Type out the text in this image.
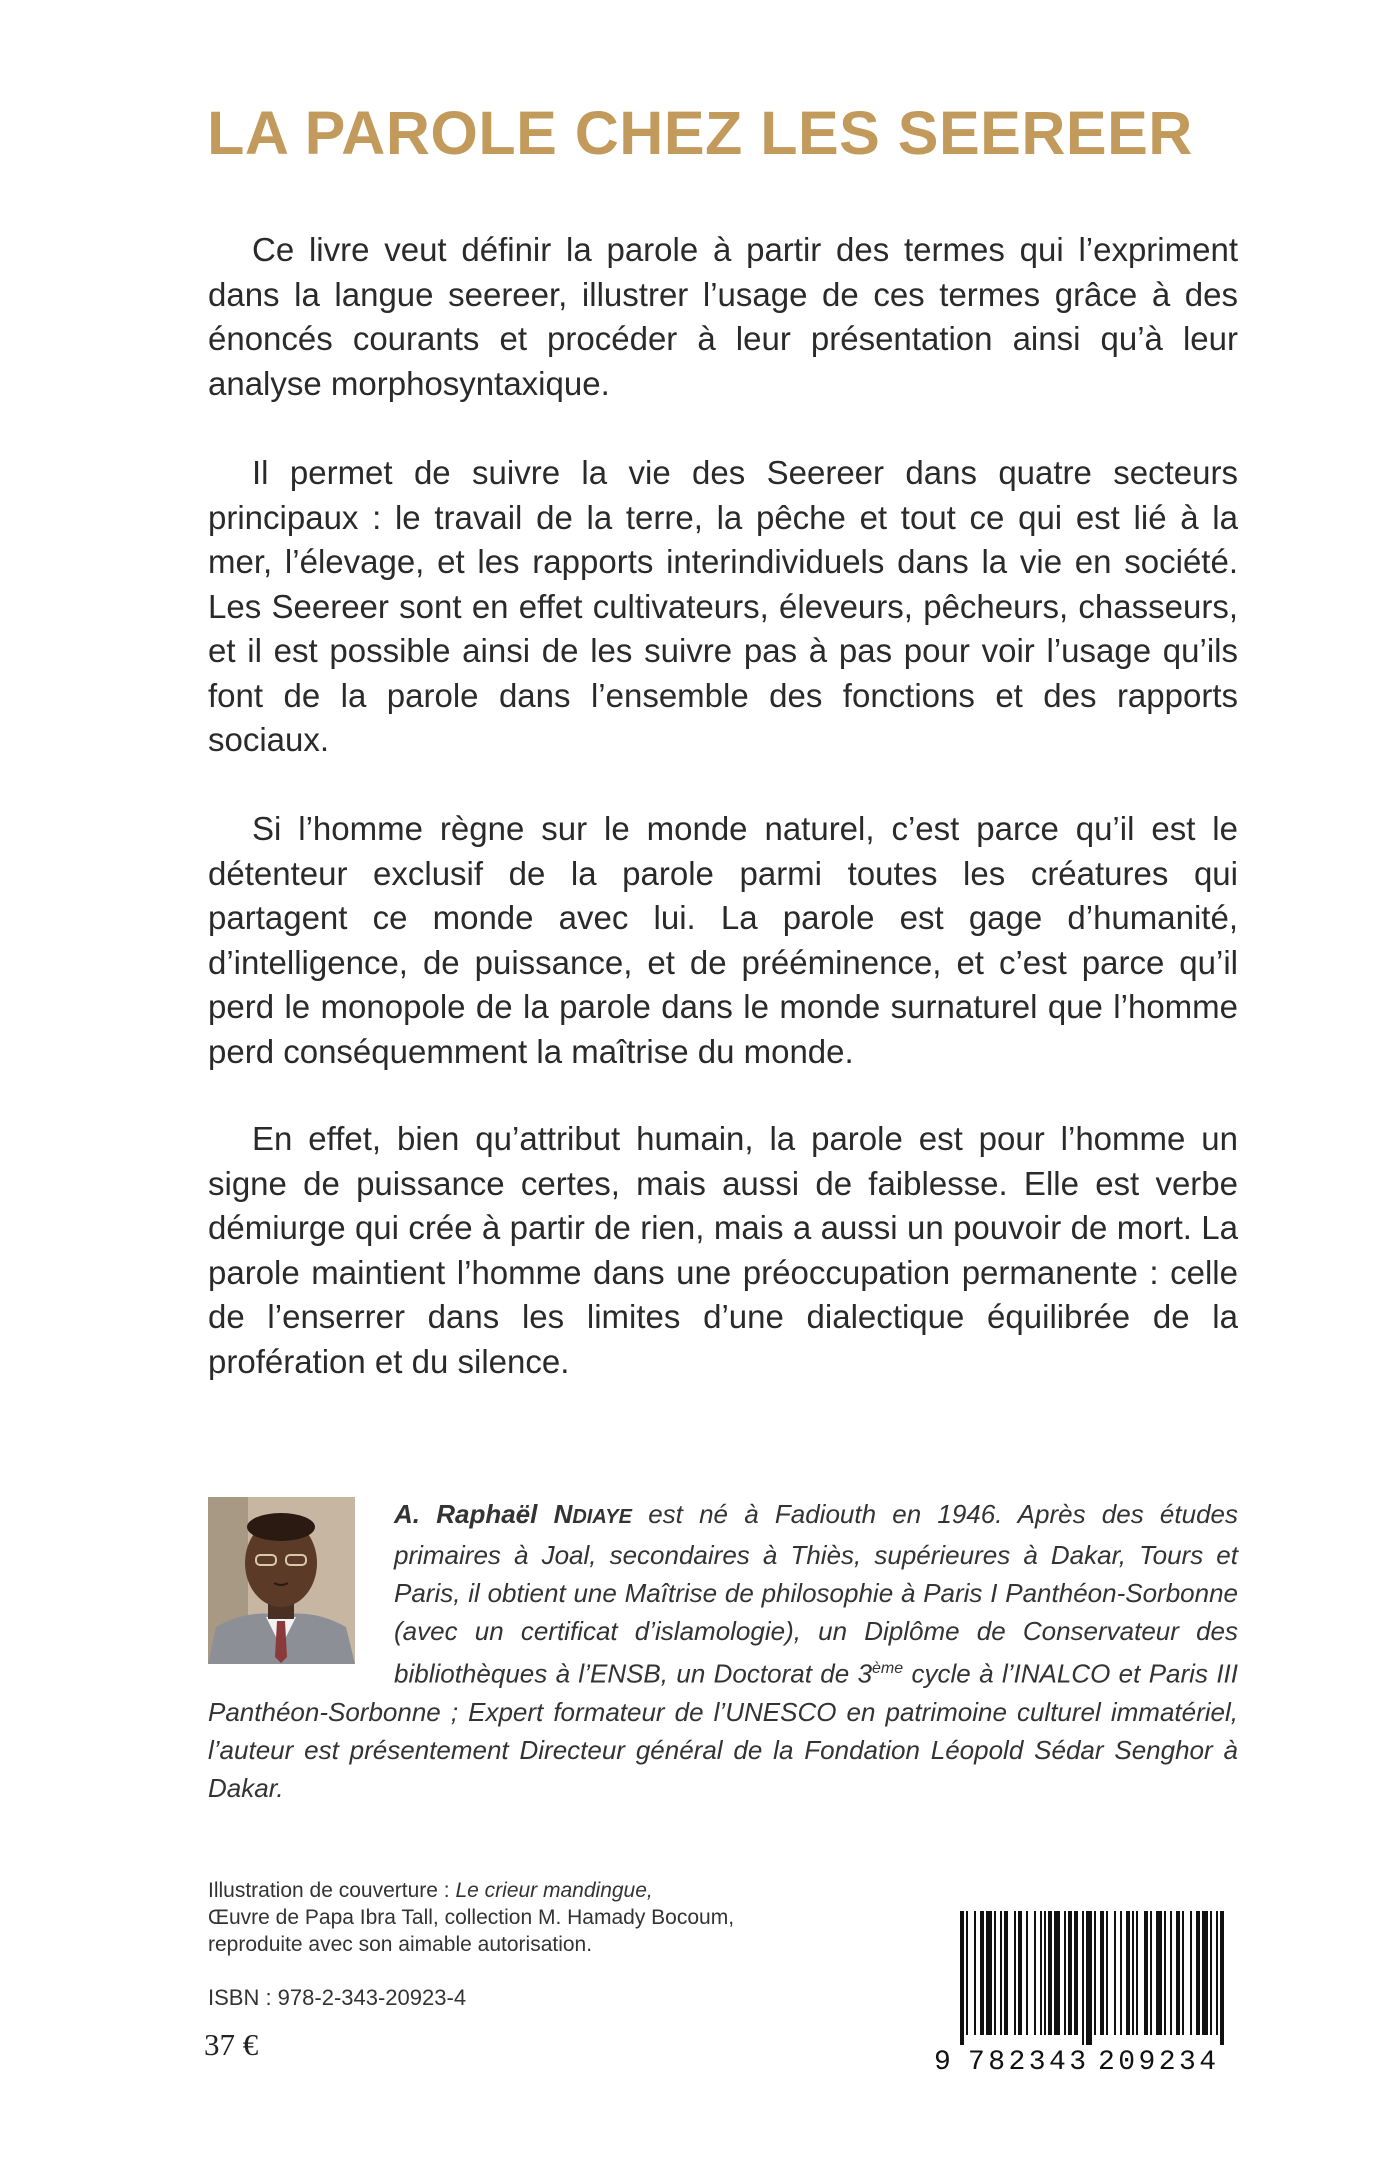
LA PAROLE CHEZ LES SEEREER

Ce livre veut définir la parole à partir des termes qui l’expriment dans la langue seereer, illustrer l’usage de ces termes grâce à des énoncés courants et procéder à leur présentation ainsi qu’à leur analyse morphosyntaxique.

Il permet de suivre la vie des Seereer dans quatre secteurs principaux : le travail de la terre, la pêche et tout ce qui est lié à la mer, l’élevage, et les rapports interindividuels dans la vie en société. Les Seereer sont en effet cultivateurs, éleveurs, pêcheurs, chasseurs, et il est possible ainsi de les suivre pas à pas pour voir l’usage qu’ils font de la parole dans l’ensemble des fonctions et des rapports sociaux.

Si l’homme règne sur le monde naturel, c’est parce qu’il est le détenteur exclusif de la parole parmi toutes les créatures qui partagent ce monde avec lui. La parole est gage d’humanité, d’intelligence, de puissance, et de prééminence, et c’est parce qu’il perd le monopole de la parole dans le monde surnaturel que l’homme perd conséquemment la maîtrise du monde.

En effet, bien qu’attribut humain, la parole est pour l’homme un signe de puissance certes, mais aussi de faiblesse. Elle est verbe démiurge qui crée à partir de rien, mais a aussi un pouvoir de mort. La parole maintient l’homme dans une préoccupation permanente : celle de l’enserrer dans les limites d’une dialectique équilibrée de la profération et du silence.

A. Raphaël NDIAYE est né à Fadiouth en 1946. Après des études primaires à Joal, secondaires à Thiès, supérieures à Dakar, Tours et Paris, il obtient une Maîtrise de philosophie à Paris I Panthéon-Sorbonne (avec un certificat d’islamologie), un Diplôme de Conservateur des bibliothèques à l’ENSB, un Doctorat de 3ème cycle à l’INALCO et Paris III Panthéon-Sorbonne ; Expert formateur de l’UNESCO en patrimoine culturel immatériel, l’auteur est présentement Directeur général de la Fondation Léopold Sédar Senghor à Dakar.

Illustration de couverture : Le crieur mandingue,
Œuvre de Papa Ibra Tall, collection M. Hamady Bocoum,
reproduite avec son aimable autorisation.
ISBN : 978-2-343-20923-4
37 €
9 782343 209234
